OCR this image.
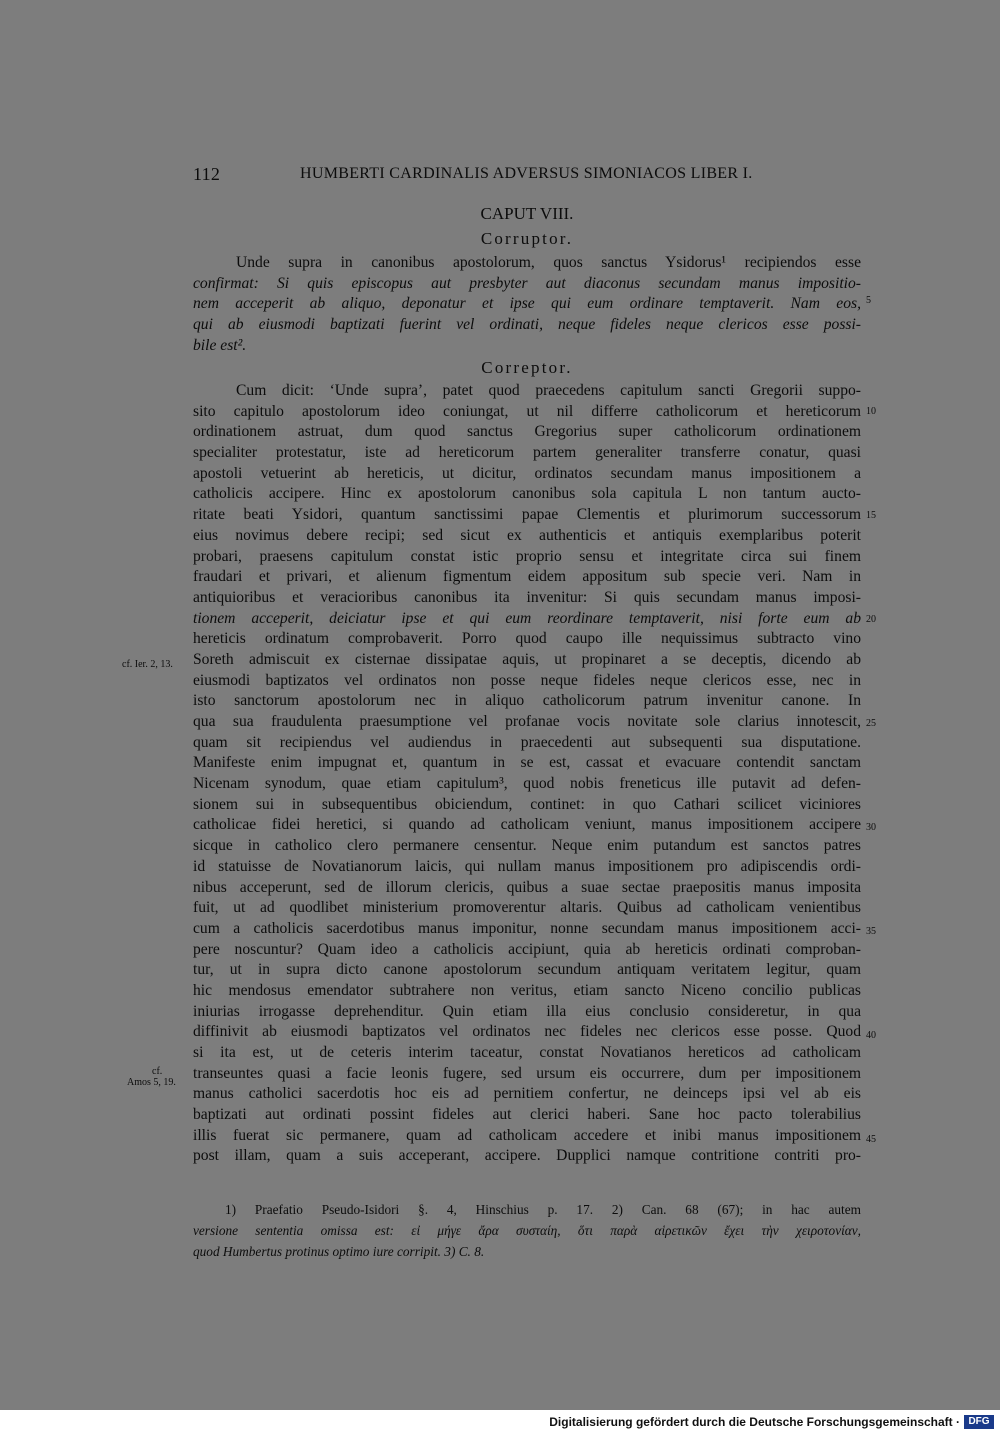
112	HUMBERTI CARDINALIS ADVERSUS SIMONIACOS LIBER I.
CAPUT VIII.
Corruptor.
Unde supra in canonibus apostolorum, quos sanctus Ysidorus¹ recipiendos esse
confirmat: Si quis episcopus aut presbyter aut diaconus secundam manus impositio-
nem acceperit ab aliquo, deponatur et ipse qui eum ordinare temptaverit. Nam eos,
qui ab eiusmodi baptizati fuerint vel ordinati, neque fideles neque clericos esse possi-
bile est².
Correptor.
Cum dicit: ‘Unde supra’, patet quod praecedens capitulum sancti Gregorii suppo-
sito capitulo apostolorum ideo coniungat, ut nil differre catholicorum et hereticorum
ordinationem astruat, dum quod sanctus Gregorius super catholicorum ordinationem
specialiter protestatur, iste ad hereticorum partem generaliter transferre conatur, quasi
apostoli vetuerint ab hereticis, ut dicitur, ordinatos secundam manus impositionem a
catholicis accipere. Hinc ex apostolorum canonibus sola capitula L non tantum aucto-
ritate beati Ysidori, quantum sanctissimi papae Clementis et plurimorum successorum
eius novimus debere recipi; sed sicut ex authenticis et antiquis exemplaribus poterit
probari, praesens capitulum constat istic proprio sensu et integritate circa sui finem
fraudari et privari, et alienum figmentum eidem appositum sub specie veri. Nam in
antiquioribus et veracioribus canonibus ita invenitur: Si quis secundam manus imposi-
tionem acceperit, deiciatur ipse et qui eum reordinare temptaverit, nisi forte eum ab
hereticis ordinatum comprobaverit. Porro quod caupo ille nequissimus subtracto vino
Soreth admiscuit ex cisternae dissipatae aquis, ut propinaret a se deceptis, dicendo ab
eiusmodi baptizatos vel ordinatos non posse neque fideles neque clericos esse, nec in
isto sanctorum apostolorum nec in aliquo catholicorum patrum invenitur canone. In
qua sua fraudulenta praesumptione vel profanae vocis novitate sole clarius innotescit,
quam sit recipiendus vel audiendus in praecedenti aut subsequenti sua disputatione.
Manifeste enim impugnat et, quantum in se est, cassat et evacuare contendit sanctam
Nicenam synodum, quae etiam capitulum³, quod nobis freneticus ille putavit ad defen-
sionem sui in subsequentibus obiciendum, continet: in quo Cathari scilicet viciniores
catholicae fidei heretici, si quando ad catholicam veniunt, manus impositionem accipere
sicque in catholico clero permanere censentur. Neque enim putandum est sanctos patres
id statuisse de Novatianorum laicis, qui nullam manus impositionem pro adipiscendis ordi-
nibus acceperunt, sed de illorum clericis, quibus a suae sectae praepositis manus imposita
fuit, ut ad quodlibet ministerium promoverentur altaris. Quibus ad catholicam venientibus
cum a catholicis sacerdotibus manus imponitur, nonne secundam manus impositionem acci-
pere noscuntur? Quam ideo a catholicis accipiunt, quia ab hereticis ordinati comproban-
tur, ut in supra dicto canone apostolorum secundum antiquam veritatem legitur, quam
hic mendosus emendator subtrahere non veritus, etiam sancto Niceno concilio publicas
iniurias irrogasse deprehenditur. Quin etiam illa eius conclusio consideretur, in qua
diffinivit ab eiusmodi baptizatos vel ordinatos nec fideles nec clericos esse posse. Quod
si ita est, ut de ceteris interim taceatur, constat Novatianos hereticos ad catholicam
transeuntes quasi a facie leonis fugere, sed ursum eis occurrere, dum per impositionem
manus catholici sacerdotis hoc eis ad pernitiem confertur, ne deinceps ipsi vel ab eis
baptizati aut ordinati possint fideles aut clerici haberi. Sane hoc pacto tolerabilius
illis fuerat sic permanere, quam ad catholicam accedere et inibi manus impositionem
post illam, quam a suis acceperant, accipere. Dupplici namque contritione contriti pro-
5
10
15
20
25
30
35
40
45
cf. Ier. 2, 13.
cf.
Amos 5, 19.
1) Praefatio Pseudo-Isidori §. 4, Hinschius p. 17. 2) Can. 68 (67); in hac autem
versione sententia omissa est: εἰ μήγε ἄρα συσταίη, ὅτι παρὰ αἱρετικῶν ἔχει τὴν χειροτονίαν,
quod Humbertus protinus optimo iure corripit. 3) C. 8.
Digitalisierung gefördert durch die Deutsche Forschungsgemeinschaft · DFG
